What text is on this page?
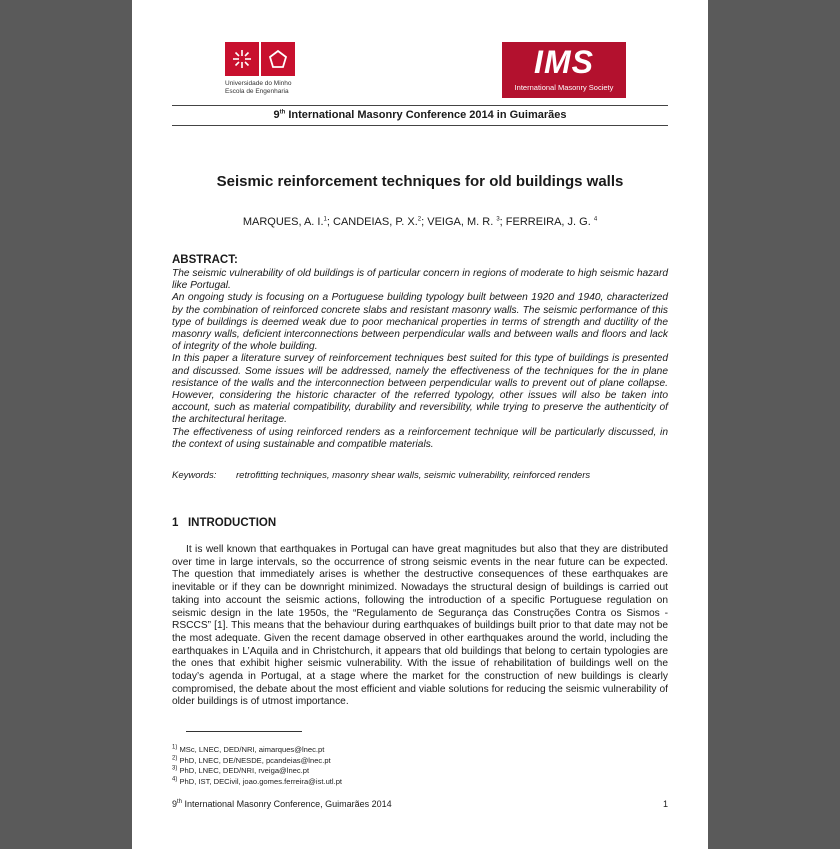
Universidade do Minho
Escola de Engenharia
IMS
International Masonry Society
9th International Masonry Conference 2014 in Guimarães
Seismic reinforcement techniques for old buildings walls
MARQUES, A. I.$^1$; CANDEIAS, P. X.$^2$; VEIGA, M. R. $^3$; FERREIRA, J. G. $^4$
ABSTRACT:

The seismic vulnerability of old buildings is of particular concern in regions of moderate to high seismic hazard like Portugal.

An ongoing study is focusing on a Portuguese building typology built between 1920 and 1940, characterized by the combination of reinforced concrete slabs and resistant masonry walls. The seismic performance of this type of buildings is deemed weak due to poor mechanical properties in terms of strength and ductility of the masonry walls, deficient interconnections between perpendicular walls and between walls and floors and lack of integrity of the whole building.

In this paper a literature survey of reinforcement techniques best suited for this type of buildings is presented and discussed. Some issues will be addressed, namely the effectiveness of the techniques for the in plane resistance of the walls and the interconnection between perpendicular walls to prevent out of plane collapse. However, considering the historic character of the referred typology, other issues will also be taken into account, such as material compatibility, durability and reversibility, while trying to preserve the authenticity of the architectural heritage.

The effectiveness of using reinforced renders as a reinforcement technique will be particularly discussed, in the context of using sustainable and compatible materials.

Keywords: retrofitting techniques, masonry shear walls, seismic vulnerability, reinforced renders
1   INTRODUCTION

It is well known that earthquakes in Portugal can have great magnitudes but also that they are distributed over time in large intervals, so the occurrence of strong seismic events in the near future can be expected. The question that immediately arises is whether the destructive consequences of these earthquakes are inevitable or if they can be downright minimized. Nowadays the structural design of buildings is carried out taking into account the seismic actions, following the introduction of a specific Portuguese regulation on seismic design in the late 1950s, the “Regulamento de Segurança das Construções Contra os Sismos - RSCCS” [1]. This means that the behaviour during earthquakes of buildings built prior to that date may not be the most adequate. Given the recent damage observed in other earthquakes around the world, including the earthquakes in L’Aquila and in Christchurch, it appears that old buildings that belong to certain typologies are the ones that exhibit higher seismic vulnerability. With the issue of rehabilitation of buildings well on the today’s agenda in Portugal, at a stage where the market for the construction of new buildings is clearly compromised, the debate about the most efficient and viable solutions for reducing the seismic vulnerability of older buildings is of utmost importance.

$^{1)}$ MSc, LNEC, DED/NRI, aimarques@lnec.pt
$^{2)}$ PhD, LNEC, DE/NESDE, pcandeias@lnec.pt
$^{3)}$ PhD, LNEC, DED/NRI, rveiga@lnec.pt
$^{4)}$ PhD, IST, DECivil, joao.gomes.ferreira@ist.utl.pt
9th International Masonry Conference, Guimarães 2014	1
